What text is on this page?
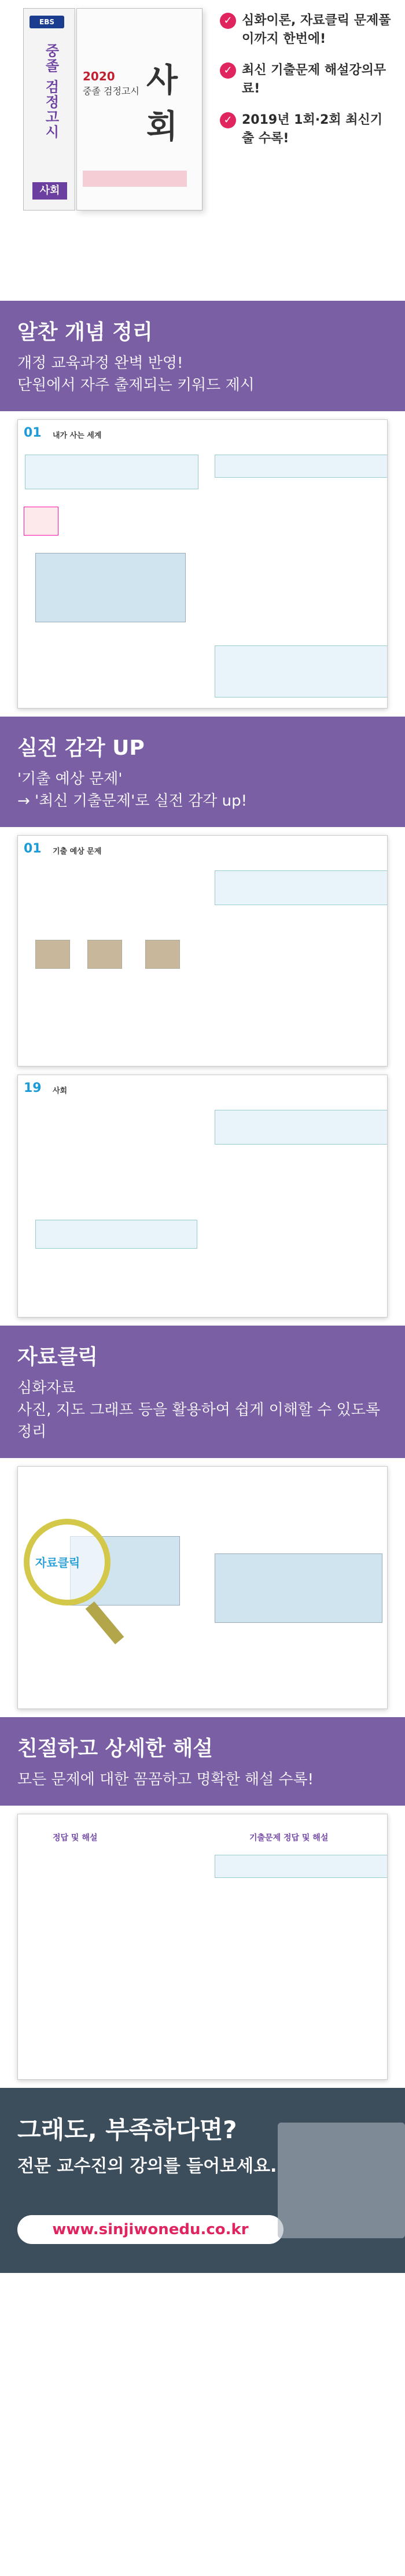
EBS
중졸 검정고시
사회
2020
중졸 검정고시 사회
✓ 심화이론, 자료클릭 문제풀이까지 한번에!
✓ 최신 기출문제 해설강의무료!
✓ 2019년 1회·2회 최신기출 수록!
알찬 개념 정리
개정 교육과정 완벽 반영!
단원에서 자주 출제되는 키워드 제시
01 내가 사는 세계
실전 감각 UP
'기출 예상 문제'
→ '최신 기출문제'로 실전 감각 up!
01 기출 예상 문제
19 사회
자료클릭
심화자료
사진, 지도 그래프 등을 활용하여 쉽게 이해할 수 있도록 정리
자료클릭
친절하고 상세한 해설
모든 문제에 대한 꼼꼼하고 명확한 해설 수록!
정답 및 해설	기출문제 정답 및 해설
그래도, 부족하다면?
전문 교수진의 강의를 들어보세요.
www.sinjiwonedu.co.kr
